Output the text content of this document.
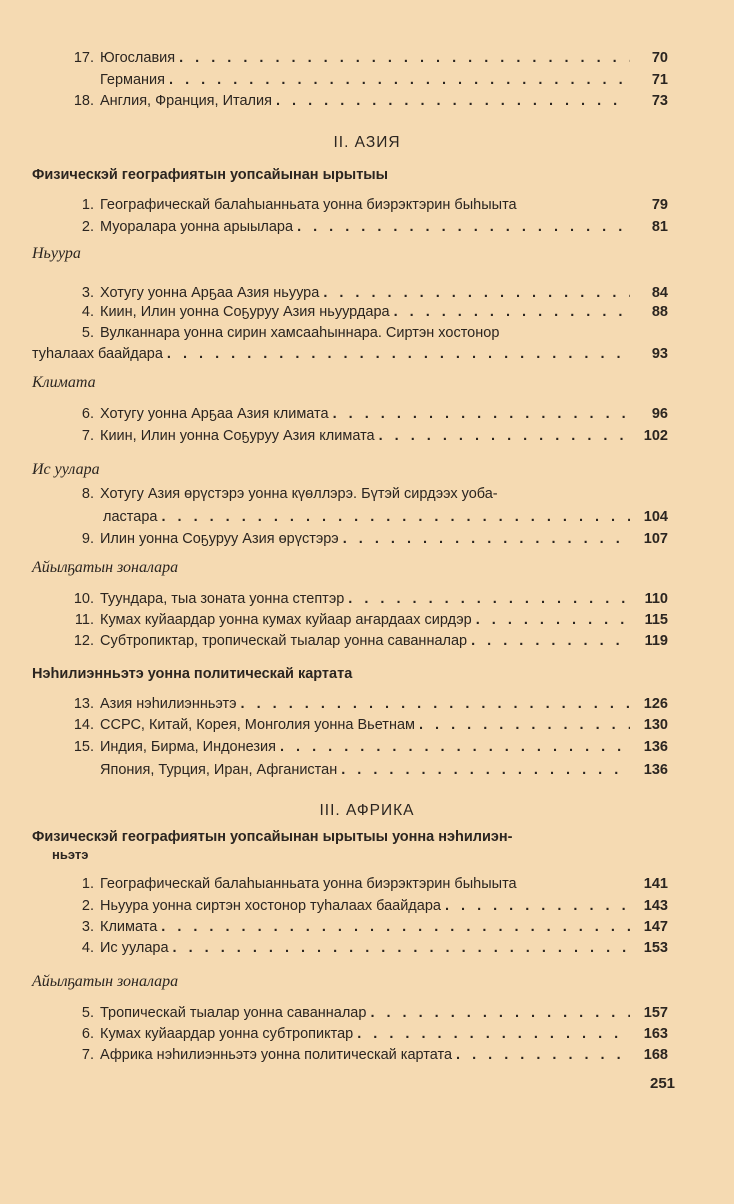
17. Югославия . . .	70
Германия . . .	71
18. Англия, Франция, Италия . . .	73
II. АЗИЯ
Физическэй географиятын уопсайынан ырытыы
1. Географическай балаhыанньата уонна биэрэктэрин быhыыта	79
2. Муоралара уонна арыылара . . .	81
Ньуура
3. Хотугу уонна Арҕаа Азия ньуура . . .	84
4. Киин, Илин уонна Соҕуруу Азия ньуурдара . . .	88
5. Вулканнара уонна сирин хамсааhыннара. Сиртэн хостонор
туhалаах баайдара . . .	93
Климата
6. Хотугу уонна Арҕаа Азия климата . . .	96
7. Киин, Илин уонна Соҕуруу Азия климата . . .	102
Ис уулара
8. Хотугу Азия өрүстэрэ уонна күөллэрэ. Бүтэй сирдээх уоба-
ластара . . .	104
9. Илин уонна Соҕуруу Азия өрүстэрэ . . .	107
Айылҕатын зоналара
10. Туундара, тыа зоната уонна стептэр . . .	110
11. Кумах куйаардар уонна кумах куйаар аҥардаах сирдэр . . .	115
12. Субтропиктар, тропическай тыалар уонна саванналар . . .	119
Нэhилиэнньэтэ уонна политическай картата
13. Азия нэhилиэнньэтэ . . .	126
14. ССРС, Китай, Корея, Монголия уонна Вьетнам . . .	130
15. Индия, Бирма, Индонезия . . .	136
Япония, Турция, Иран, Афганистан . . .	136
III. АФРИКА
Физическэй географиятын уопсайынан ырытыы уонна нэhилиэн-
ньэтэ
1. Географическай балаhыанньата уонна биэрэктэрин быhыыта	141
2. Ньуура уонна сиртэн хостонор туhалаах баайдара . . .	143
3. Климата . . .	147
4. Ис уулара . . .	153
Айылҕатын зоналара
5. Тропическай тыалар уонна саванналар . . .	157
6. Кумах куйаардар уонна субтропиктар . . .	163
7. Африка нэhилиэнньэтэ уонна политическай картата . . .	168
251
